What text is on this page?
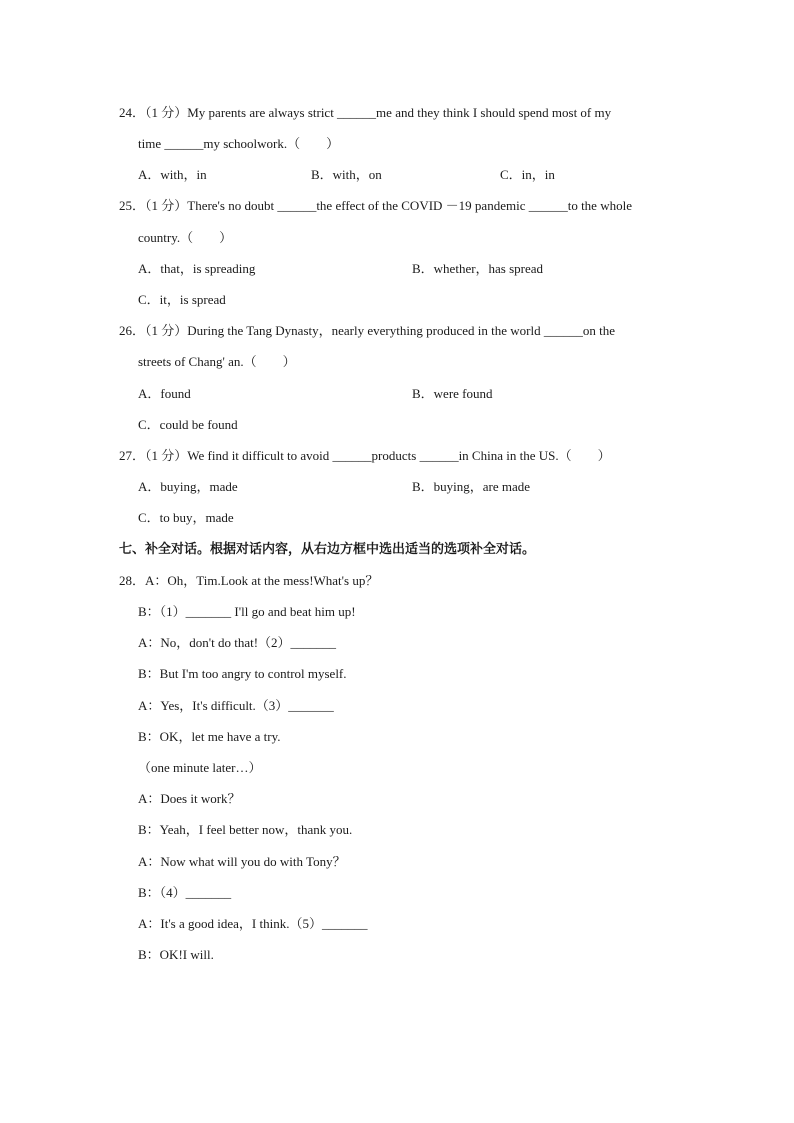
24．（1 分）My parents are always strict ______me and they think I should spend most of my
time ______my schoolwork.（　　）
A．with，in	B．with，on	C．in，in
25．（1 分）There's no doubt ______the effect of the COVID －19 pandemic ______to the whole
country.（　　）
A．that，is spreading	B．whether，has spread
C．it，is spread
26．（1 分）During the Tang Dynasty，nearly everything produced in the world ______on the
streets of Chang' an.（　　）
A．found	B．were found
C．could be found
27．（1 分）We find it difficult to avoid ______products ______in China in the US.（　　）
A．buying，made	B．buying，are made
C．to buy，made
七、补全对话。根据对话内容，从右边方框中选出适当的选项补全对话。
28．A：Oh，Tim.Look at the mess!What's up？
B：（1）_______ I'll go and beat him up!
A：No，don't do that!（2）_______
B：But I'm too angry to control myself.
A：Yes，It's difficult.（3）_______
B：OK，let me have a try.
（one minute later…）
A：Does it work？
B：Yeah，I feel better now，thank you.
A：Now what will you do with Tony？
B：（4）_______
A：It's a good idea，I think.（5）_______
B：OK!I will.
